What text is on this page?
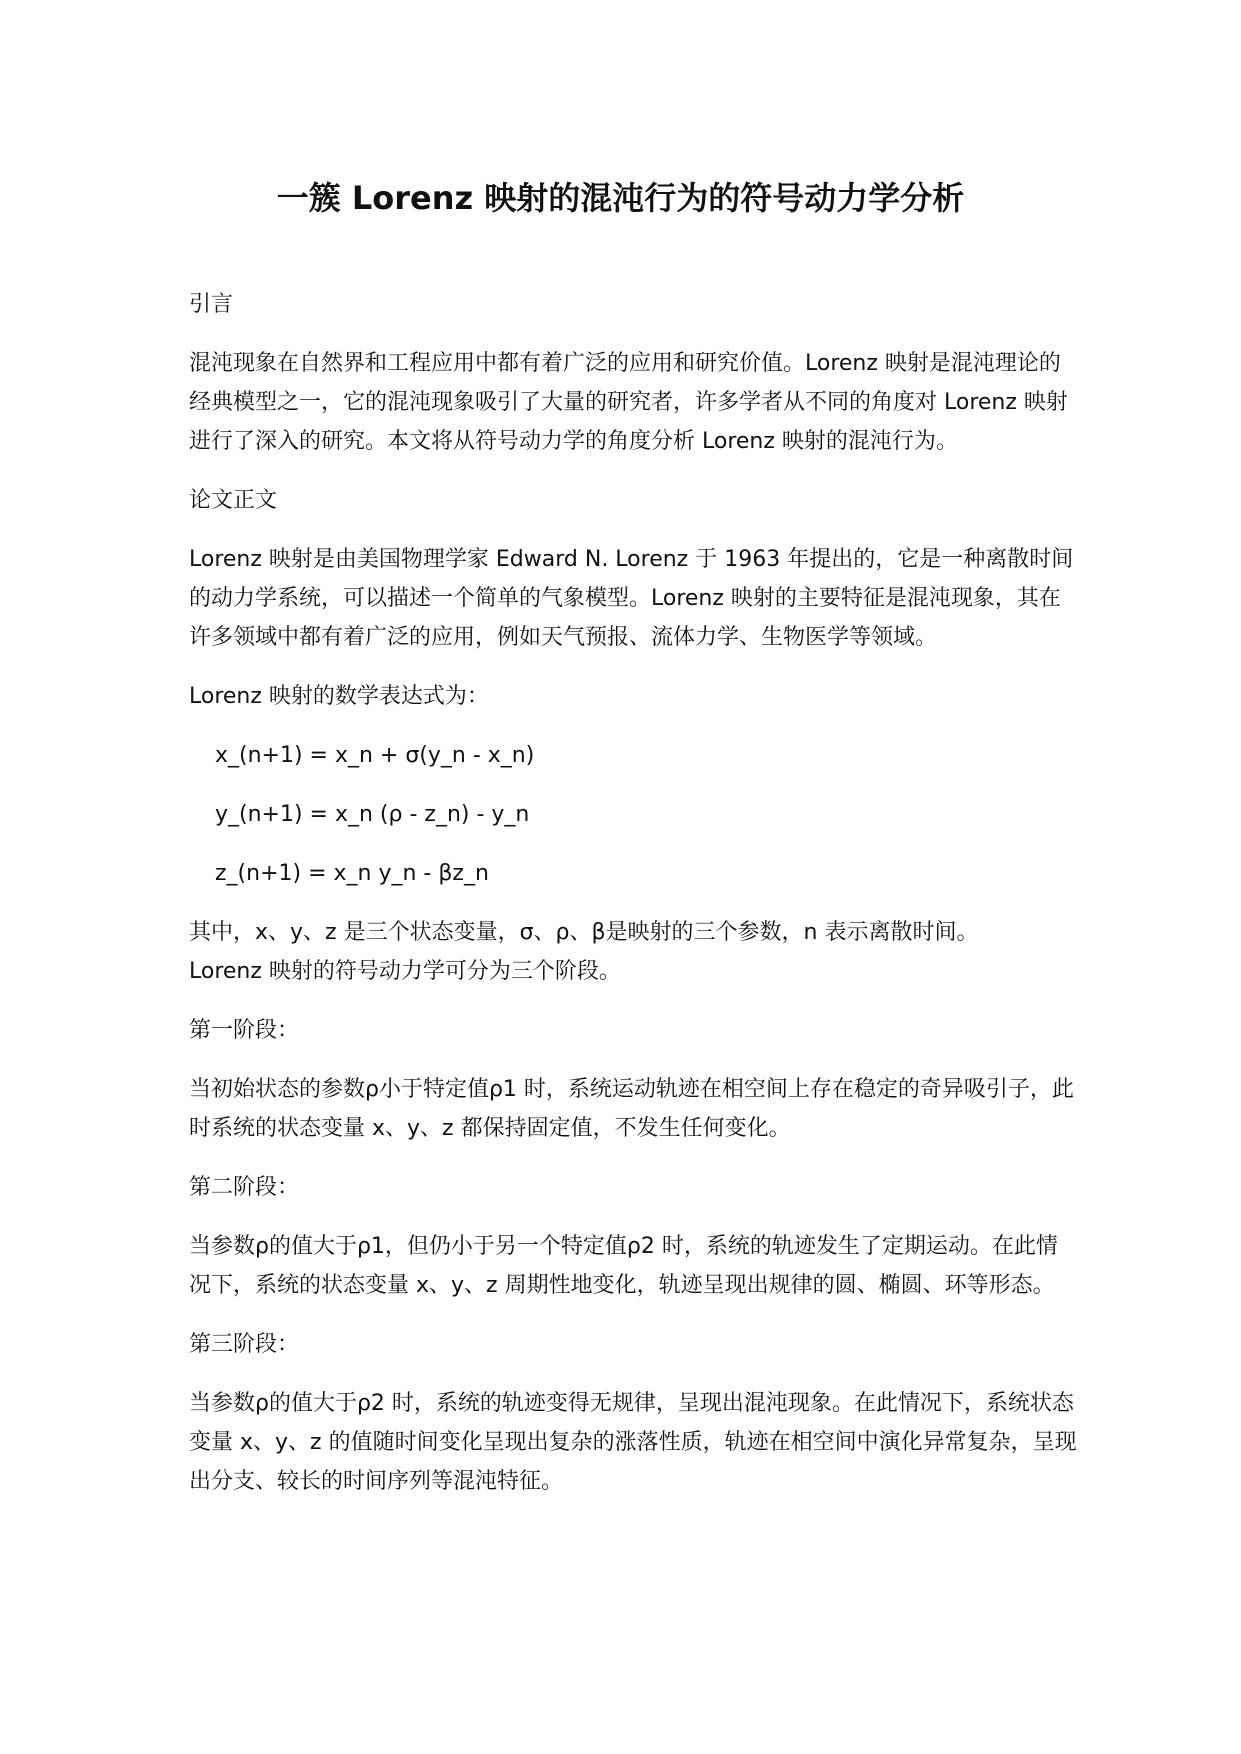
一簇 Lorenz 映射的混沌行为的符号动力学分析

引言

混沌现象在自然界和工程应用中都有着广泛的应用和研究价值。Lorenz 映射是混沌理论的经典模型之一，它的混沌现象吸引了大量的研究者，许多学者从不同的角度对 Lorenz 映射进行了深入的研究。本文将从符号动力学的角度分析 Lorenz 映射的混沌行为。

论文正文

Lorenz 映射是由美国物理学家 Edward N. Lorenz 于 1963 年提出的，它是一种离散时间的动力学系统，可以描述一个简单的气象模型。Lorenz 映射的主要特征是混沌现象，其在许多领域中都有着广泛的应用，例如天气预报、流体力学、生物医学等领域。

Lorenz 映射的数学表达式为：

x_(n+1) = x_n + σ(y_n - x_n)

y_(n+1) = x_n (ρ - z_n) - y_n

z_(n+1) = x_n y_n - βz_n

其中，x、y、z 是三个状态变量，σ、ρ、β是映射的三个参数，n 表示离散时间。
Lorenz 映射的符号动力学可分为三个阶段。

第一阶段：

当初始状态的参数ρ小于特定值ρ1 时，系统运动轨迹在相空间上存在稳定的奇异吸引子，此时系统的状态变量 x、y、z 都保持固定值，不发生任何变化。

第二阶段：

当参数ρ的值大于ρ1，但仍小于另一个特定值ρ2 时，系统的轨迹发生了定期运动。在此情况下，系统的状态变量 x、y、z 周期性地变化，轨迹呈现出规律的圆、椭圆、环等形态。

第三阶段：

当参数ρ的值大于ρ2 时，系统的轨迹变得无规律，呈现出混沌现象。在此情况下，系统状态变量 x、y、z 的值随时间变化呈现出复杂的涨落性质，轨迹在相空间中演化异常复杂，呈现出分支、较长的时间序列等混沌特征。
